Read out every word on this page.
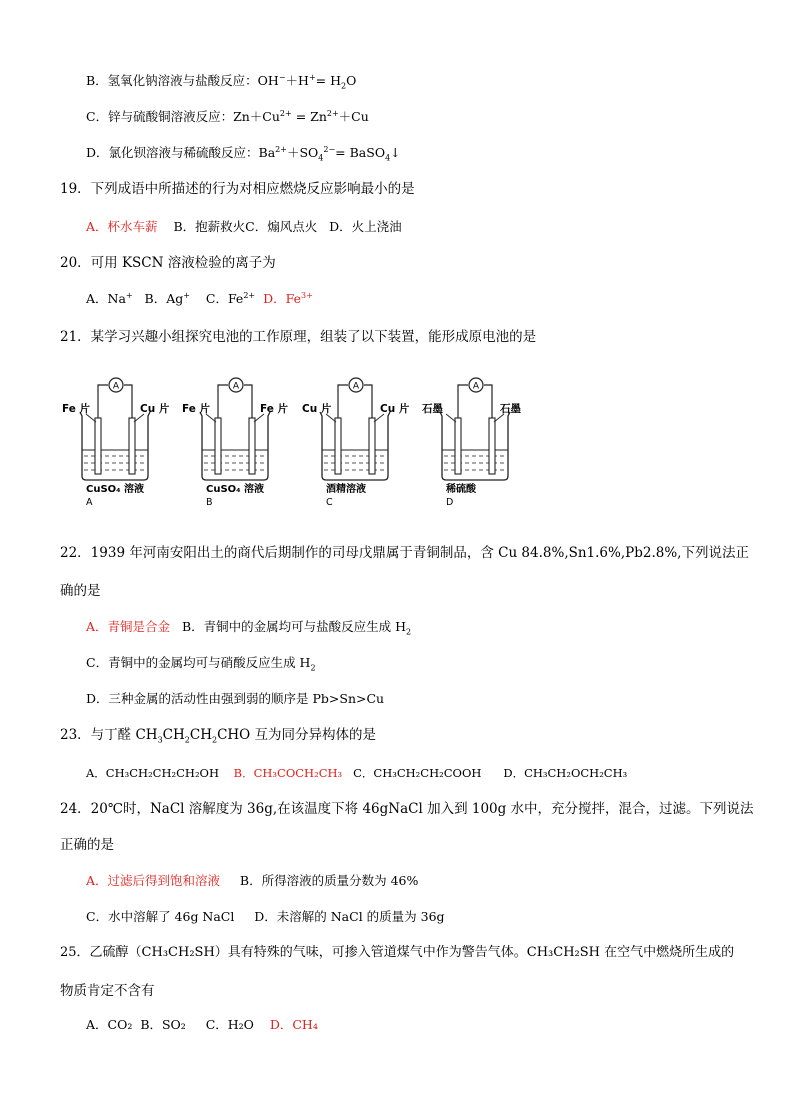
B．氢氧化钠溶液与盐酸反应：$OH^-+H^+= H_2O$
C．锌与硫酸铜溶液反应：$Zn+Cu^{2+} = Zn^{2+}+Cu$
D．氯化钡溶液与稀硫酸反应：$Ba^{2+}+SO_4^{2-}=$ BaSO$_4$↓
19．下列成语中所描述的行为对相应燃烧反应影响最小的是
A．杯水车薪 B．抱薪救火C．煽风点火 D．火上浇油
20．可用 KSCN 溶液检验的离子为
A．Na+ B．Ag+ C．$Fe^{2+}$ D．$Fe^{3+}$
21．某学习兴趣小组探究电池的工作原理，组装了以下装置，能形成原电池的是
A
Fe 片	Cu 片
CuSO₄ 溶液
A
A
Fe 片	Fe 片
CuSO₄ 溶液
B
A
Cu 片	Cu 片
酒精溶液
C
A
石墨	石墨
稀硫酸
D
22．1939 年河南安阳出土的商代后期制作的司母戊鼎属于青铜制品，含 Cu 84.8%,Sn1.6%,Pb2.8%,下列说法正
确的是
A．青铜是合金 B．青铜中的金属均可与盐酸反应生成 $H_2$
C．青铜中的金属均可与硝酸反应生成 $H_2$
D．三种金属的活动性由强到弱的顺序是 Pb>Sn>Cu
23．与丁醛 $CH_3CH_2CH_2CHO$ 互为同分异构体的是
A．CH₃CH₂CH₂CH₂OH B．CH₃COCH₂CH₃ C．CH₃CH₂CH₂COOH D．CH₃CH₂OCH₂CH₃
24．20℃时，NaCl 溶解度为 36g,在该温度下将 46gNaCl 加入到 100g 水中，充分搅拌，混合，过滤。下列说法
正确的是
A．过滤后得到饱和溶液 B．所得溶液的质量分数为 46%
C．水中溶解了 46g NaCl D．未溶解的 NaCl 的质量为 36g
25．乙硫醇（CH₃CH₂SH）具有特殊的气味，可掺入管道煤气中作为警告气体。CH₃CH₂SH 在空气中燃烧所生成的
物质肯定不含有
A．CO₂ B．SO₂ C．H₂O D．CH₄
